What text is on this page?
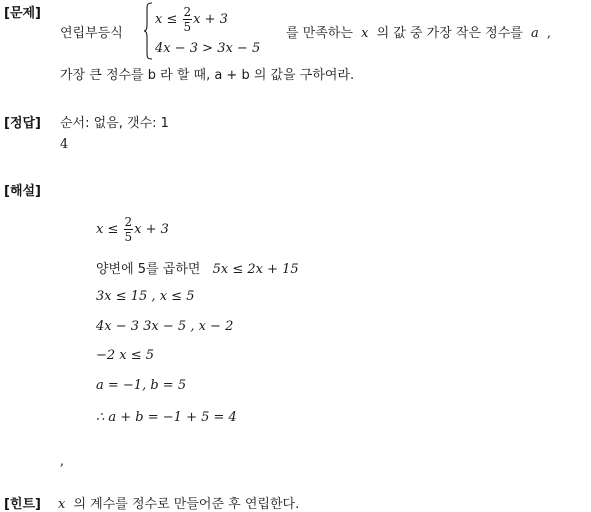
[문제]
연립부등식
$x \le \frac{2}{5}$ x + 3
4x − 3 > 3x − 5
를 만족하는 x 의 값 중 가장 작은 정수를 a ,
가장 큰 정수를 b 라 할 때, a + b 의 값을 구하여라.
[정답] 순서: 없음, 갯수: 1
4
[해설]
$x \le \frac{2}{5}$ x + 3
양변에 5를 곱하면 5x ≤ 2x + 15
3x ≤ 15 , x ≤ 5
4x − 3 3x − 5 , x − 2
−2 x ≤ 5
a = −1, b = 5
∴ a + b = −1 + 5 = 4
,
[힌트] x 의 계수를 정수로 만들어준 후 연립한다.
